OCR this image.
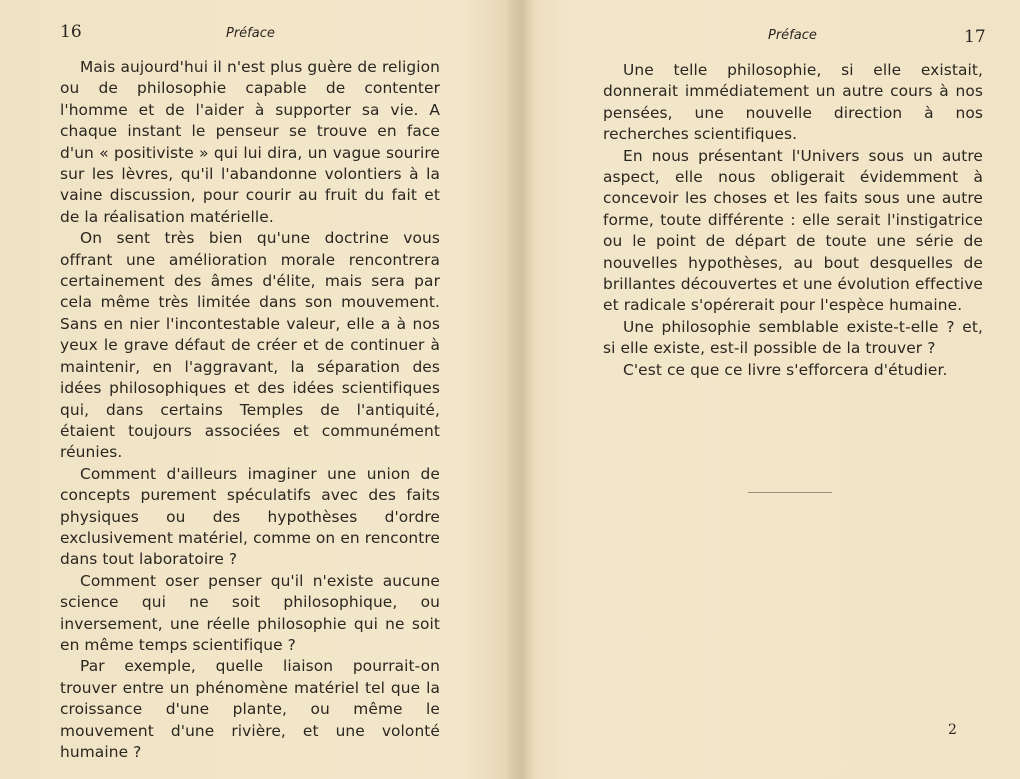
16	Préface

Mais aujourd'hui il n'est plus guère de religion ou de philosophie capable de contenter l'homme et de l'aider à supporter sa vie. A chaque instant le penseur se trouve en face d'un « positiviste » qui lui dira, un vague sourire sur les lèvres, qu'il l'abandonne volontiers à la vaine discussion, pour courir au fruit du fait et de la réalisation matérielle.

On sent très bien qu'une doctrine vous offrant une amélioration morale rencontrera certainement des âmes d'élite, mais sera par cela même très limitée dans son mouvement. Sans en nier l'incontestable valeur, elle a à nos yeux le grave défaut de créer et de continuer à maintenir, en l'aggravant, la séparation des idées philosophiques et des idées scientifiques qui, dans certains Temples de l'antiquité, étaient toujours associées et communément réunies.

Comment d'ailleurs imaginer une union de concepts purement spéculatifs avec des faits physiques ou des hypothèses d'ordre exclusivement matériel, comme on en rencontre dans tout laboratoire ?

Comment oser penser qu'il n'existe aucune science qui ne soit philosophique, ou inversement, une réelle philosophie qui ne soit en même temps scientifique ?

Par exemple, quelle liaison pourrait-on trouver entre un phénomène matériel tel que la croissance d'une plante, ou même le mouvement d'une rivière, et une volonté humaine ?

Préface	17

Une telle philosophie, si elle existait, donnerait immédiatement un autre cours à nos pensées, une nouvelle direction à nos recherches scientifiques.

En nous présentant l'Univers sous un autre aspect, elle nous obligerait évidemment à concevoir les choses et les faits sous une autre forme, toute différente : elle serait l'instigatrice ou le point de départ de toute une série de nouvelles hypothèses, au bout desquelles de brillantes découvertes et une évolution effective et radicale s'opérerait pour l'espèce humaine.

Une philosophie semblable existe-t-elle ? et, si elle existe, est-il possible de la trouver ?

C'est ce que ce livre s'efforcera d'étudier.

2
